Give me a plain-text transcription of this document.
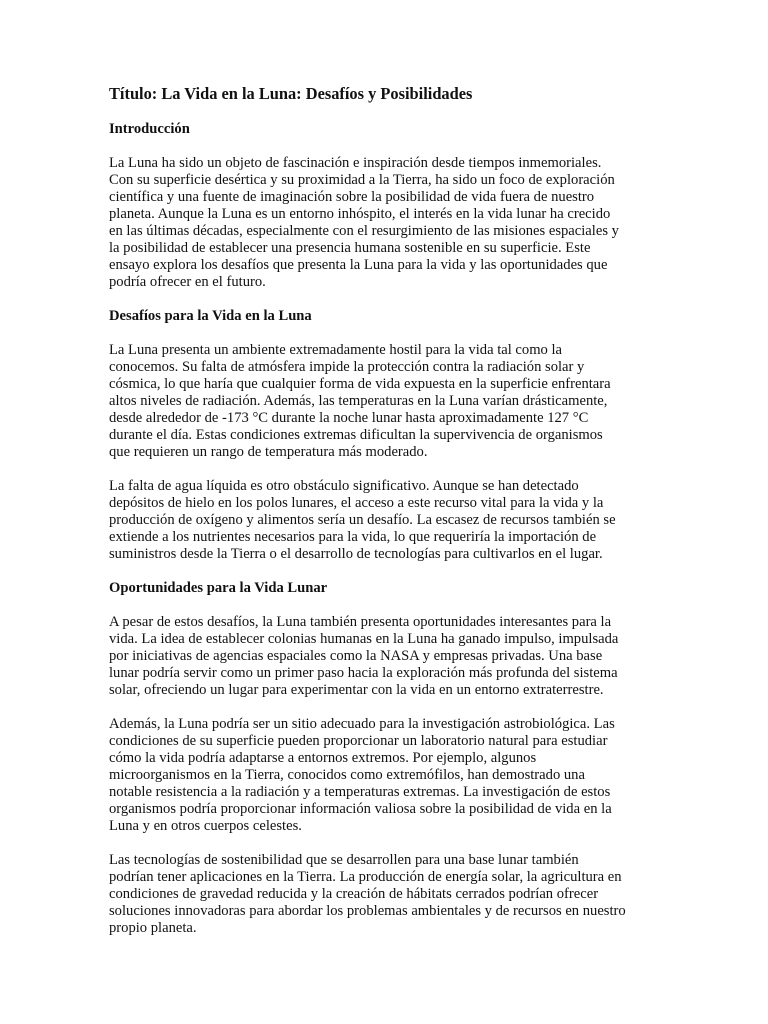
Título: La Vida en la Luna: Desafíos y Posibilidades
Introducción
La Luna ha sido un objeto de fascinación e inspiración desde tiempos inmemoriales.
Con su superficie desértica y su proximidad a la Tierra, ha sido un foco de exploración
científica y una fuente de imaginación sobre la posibilidad de vida fuera de nuestro
planeta. Aunque la Luna es un entorno inhóspito, el interés en la vida lunar ha crecido
en las últimas décadas, especialmente con el resurgimiento de las misiones espaciales y
la posibilidad de establecer una presencia humana sostenible en su superficie. Este
ensayo explora los desafíos que presenta la Luna para la vida y las oportunidades que
podría ofrecer en el futuro.
Desafíos para la Vida en la Luna
La Luna presenta un ambiente extremadamente hostil para la vida tal como la
conocemos. Su falta de atmósfera impide la protección contra la radiación solar y
cósmica, lo que haría que cualquier forma de vida expuesta en la superficie enfrentara
altos niveles de radiación. Además, las temperaturas en la Luna varían drásticamente,
desde alrededor de -173 °C durante la noche lunar hasta aproximadamente 127 °C
durante el día. Estas condiciones extremas dificultan la supervivencia de organismos
que requieren un rango de temperatura más moderado.
La falta de agua líquida es otro obstáculo significativo. Aunque se han detectado
depósitos de hielo en los polos lunares, el acceso a este recurso vital para la vida y la
producción de oxígeno y alimentos sería un desafío. La escasez de recursos también se
extiende a los nutrientes necesarios para la vida, lo que requeriría la importación de
suministros desde la Tierra o el desarrollo de tecnologías para cultivarlos en el lugar.
Oportunidades para la Vida Lunar
A pesar de estos desafíos, la Luna también presenta oportunidades interesantes para la
vida. La idea de establecer colonias humanas en la Luna ha ganado impulso, impulsada
por iniciativas de agencias espaciales como la NASA y empresas privadas. Una base
lunar podría servir como un primer paso hacia la exploración más profunda del sistema
solar, ofreciendo un lugar para experimentar con la vida en un entorno extraterrestre.
Además, la Luna podría ser un sitio adecuado para la investigación astrobiológica. Las
condiciones de su superficie pueden proporcionar un laboratorio natural para estudiar
cómo la vida podría adaptarse a entornos extremos. Por ejemplo, algunos
microorganismos en la Tierra, conocidos como extremófilos, han demostrado una
notable resistencia a la radiación y a temperaturas extremas. La investigación de estos
organismos podría proporcionar información valiosa sobre la posibilidad de vida en la
Luna y en otros cuerpos celestes.
Las tecnologías de sostenibilidad que se desarrollen para una base lunar también
podrían tener aplicaciones en la Tierra. La producción de energía solar, la agricultura en
condiciones de gravedad reducida y la creación de hábitats cerrados podrían ofrecer
soluciones innovadoras para abordar los problemas ambientales y de recursos en nuestro
propio planeta.
